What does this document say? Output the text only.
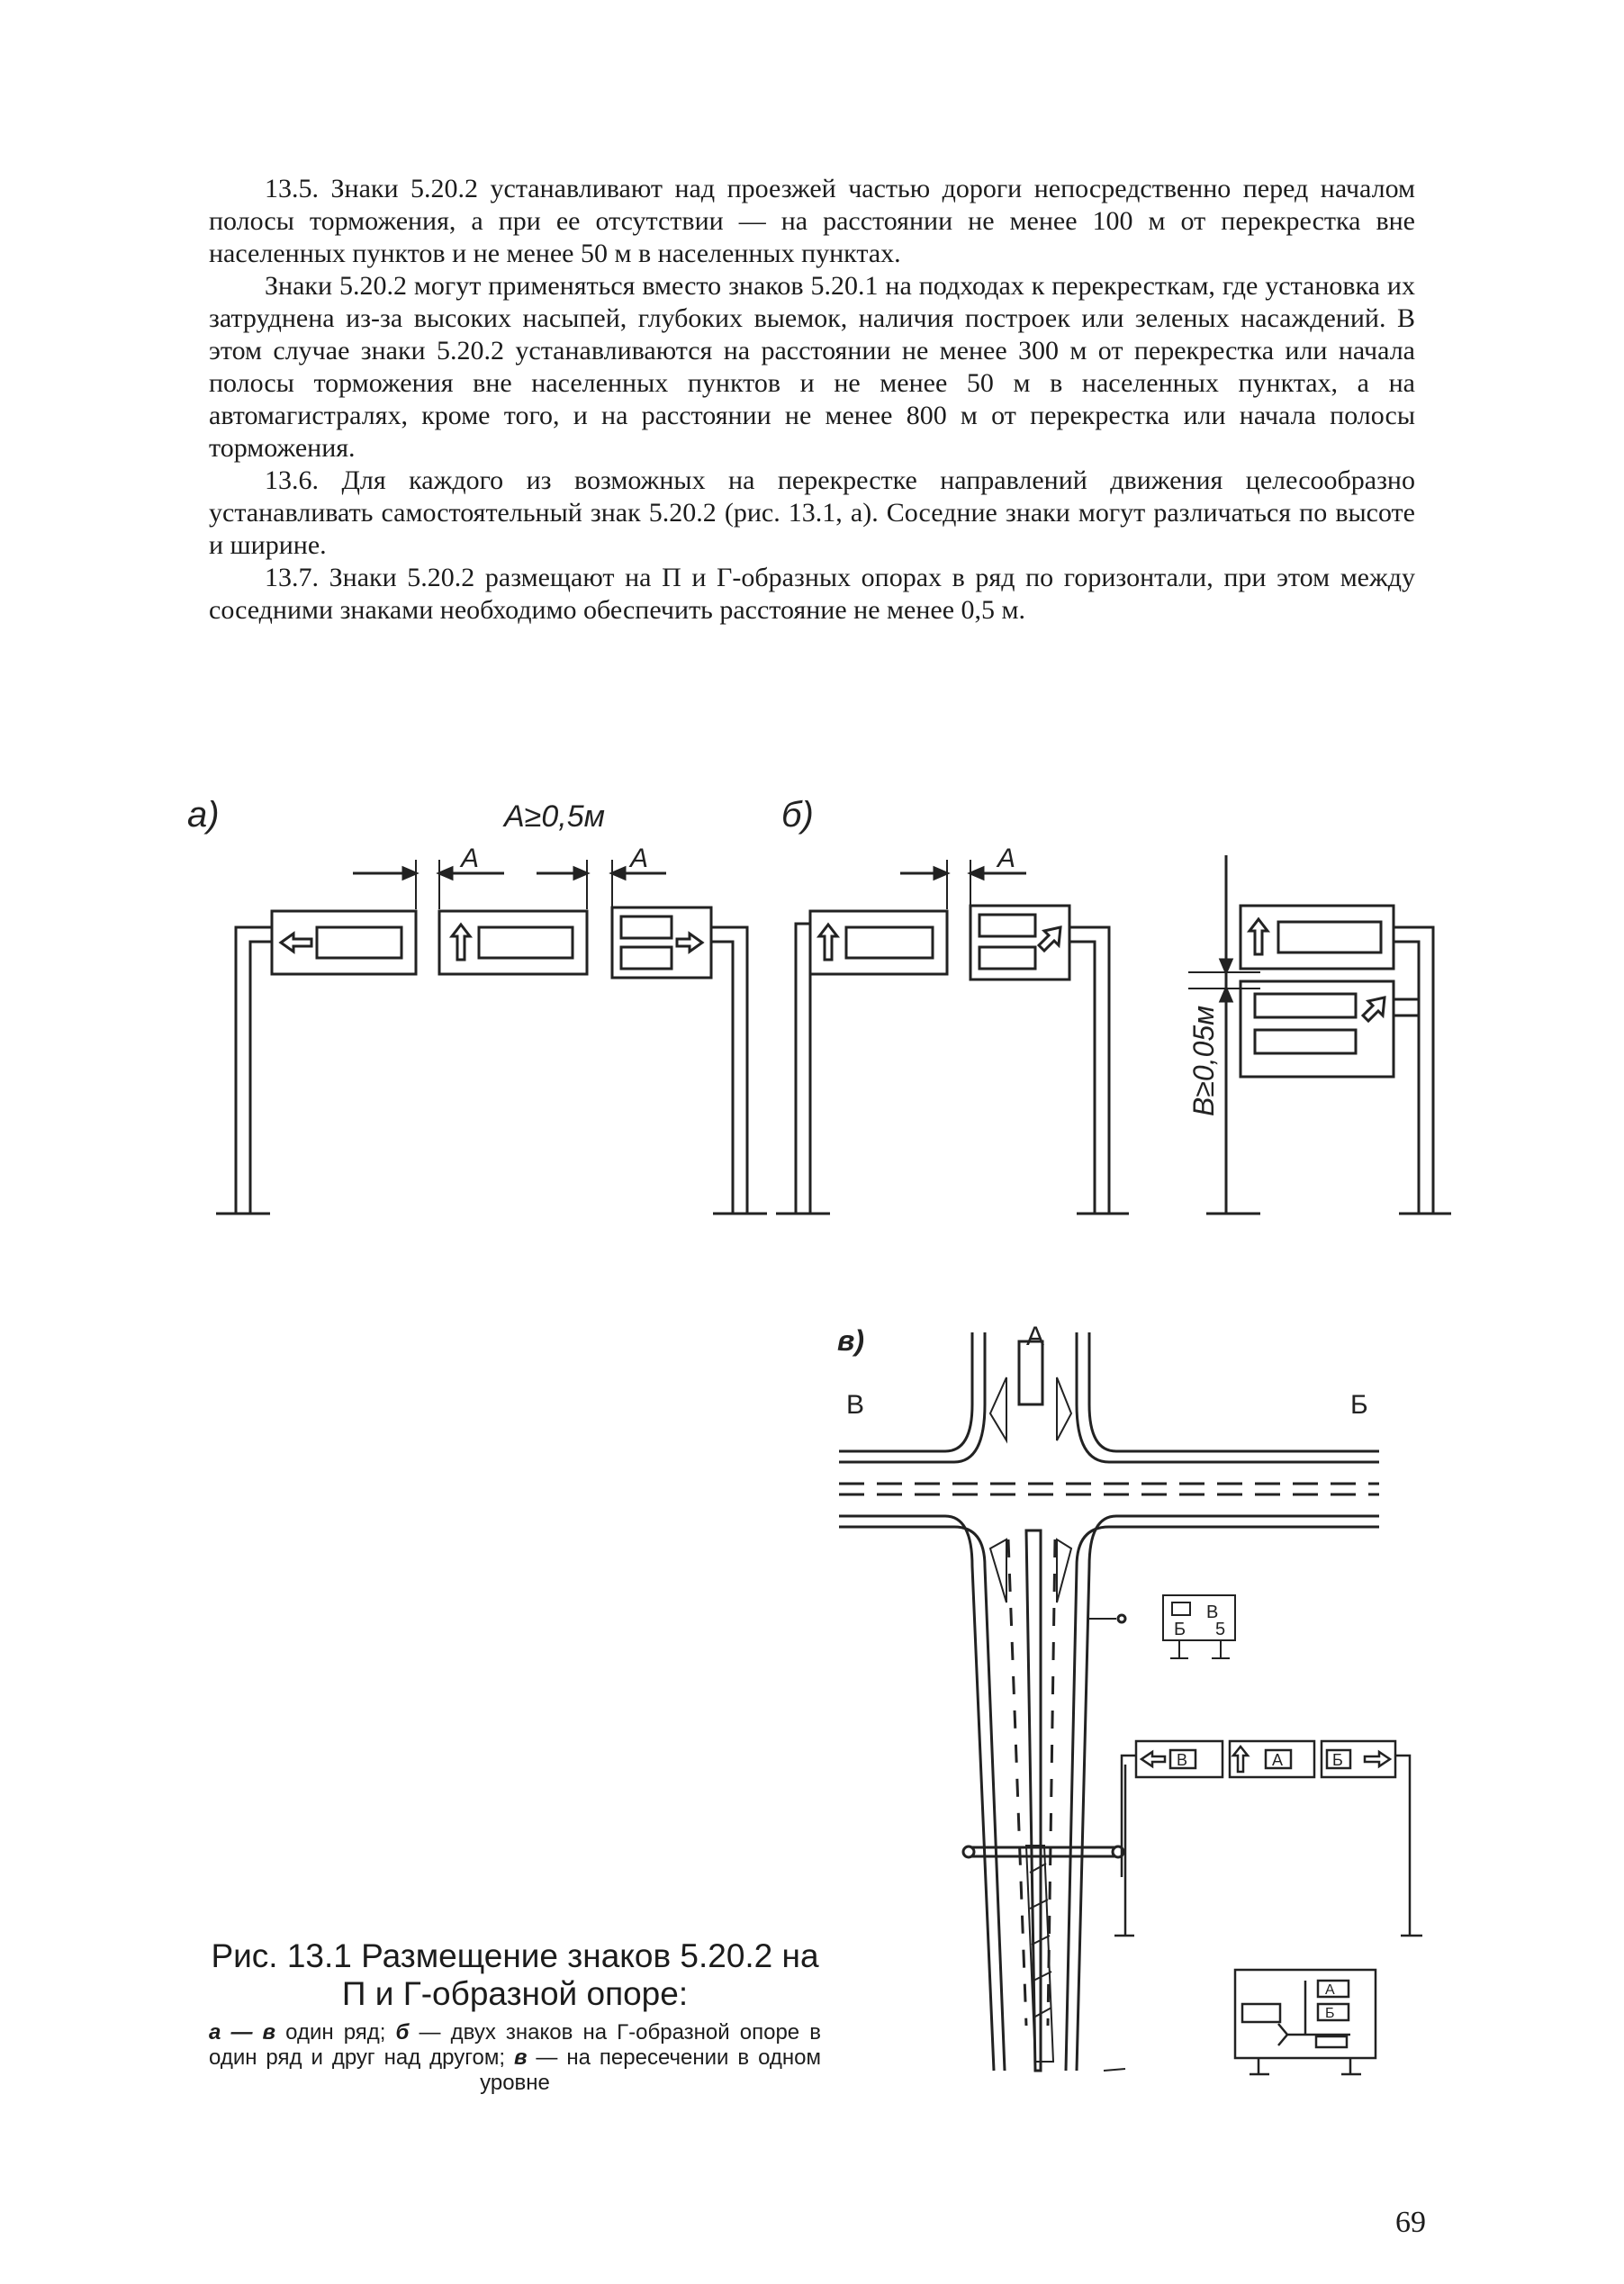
13.5. Знаки 5.20.2 устанавливают над проезжей частью дороги непосредственно перед началом полосы торможения, а при ее отсутствии — на расстоянии не менее 100 м от перекрестка вне населенных пунктов и не менее 50 м в населенных пунктах.

Знаки 5.20.2 могут применяться вместо знаков 5.20.1 на подходах к перекресткам, где установка их затруднена из-за высоких насыпей, глубоких выемок, наличия построек или зеленых насаждений. В этом случае знаки 5.20.2 устанавливаются на расстоянии не менее 300 м от перекрестка или начала полосы торможения вне населенных пунктов и не менее 50 м в населенных пунктах, а на автомагистралях, кроме того, и на расстоянии не менее 800 м от перекрестка или начала полосы торможения.

13.6. Для каждого из возможных на перекрестке направлений движения целесообразно устанавливать самостоятельный знак 5.20.2 (рис. 13.1, а). Соседние знаки могут различаться по высоте и ширине.

13.7. Знаки 5.20.2 размещают на П и Г-образных опорах в ряд по горизонтали, при этом между соседними знаками необходимо обеспечить расстояние не менее 0,5 м.

а)	А≥0,5м
А	А
б)
А
В≥0,05м
в)	А
В	Б
В
Б 5
В	А	Б
А
Б
Рис. 13.1 Размещение знаков 5.20.2 на П и Г-образной опоре:
а — в один ряд; б — двух знаков на Г-образной опоре в один ряд и друг над другом; в — на пересечении в одном уровне
69
